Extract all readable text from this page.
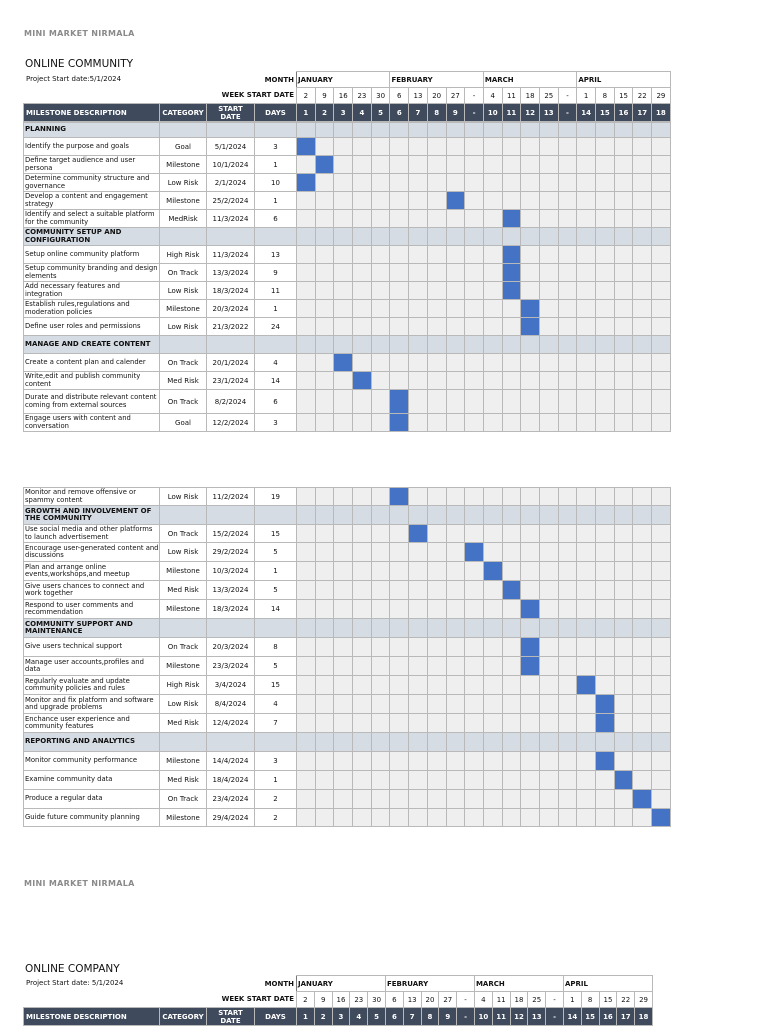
MINI MARKET NIRMALA
ONLINE COMMUNITY
Project Start date:5/1/2024
				MONTH	JANUARY					FEBRUARY					MARCH					APRIL				
		WEEK START DATE		2	9	16	23	30	6	13	20	27	-	4	11	18	25	-	1	8	15	22	29
MILESTONE DESCRIPTION	CATEGORY	START DATE	DAYS	1	2	3	4	5	6	7	8	9	-	10	11	12	13	-	14	15	16	17	18
PLANNING																							
Identify the purpose and goals	Goal	5/1/2024	3																				
Define target audience and user persona	Milestone	10/1/2024	1																				
Determine community structure and governance	Low Risk	2/1/2024	10																				
Develop a content and engagement strategy	Milestone	25/2/2024	1																				
Identify and select a suitable platform for the community	MedRisk	11/3/2024	6																				
COMMUNITY SETUP AND CONFIGURATION																							
Setup online community platform	High Risk	11/3/2024	13																				
Setup community branding and design elements	On Track	13/3/2024	9																				
Add necessary features and integration	Low Risk	18/3/2024	11																				
Establish rules,regulations and moderation policies	Milestone	20/3/2024	1																				
Define user roles and permissions	Low Risk	21/3/2022	24																				
MANAGE AND CREATE CONTENT																							
Create a content plan and calender	On Track	20/1/2024	4																				
Write,edit and publish community content	Med Risk	23/1/2024	14																				
Durate and distribute relevant content coming from external sources	On Track	8/2/2024	6																				
Engage users with content and conversation	Goal	12/2/2024	3																				
Monitor and remove offensive or spammy content	Low Risk	11/2/2024	19																				
GROWTH AND INVOLVEMENT OF THE COMMUNITY																							
Use social media and other platforms to launch advertisement	On Track	15/2/2024	15																				
Encourage user-generated content and discussions	Low Risk	29/2/2024	5																				
Plan and arrange online events,workshops,and meetup	Milestone	10/3/2024	1																				
Give users chances to connect and work together	Med Risk	13/3/2024	5																				
Respond to user comments and recommendation	Milestone	18/3/2024	14																				
COMMUNITY SUPPORT AND MAINTENANCE																							
Give users technical support	On Track	20/3/2024	8																				
Manage user accounts,profiles and data	Milestone	23/3/2024	5																				
Regularly evaluate and update community policies and rules	High Risk	3/4/2024	15																				
Monitor and fix platform and software and upgrade problems	Low Risk	8/4/2024	4																				
Enchance user experience and community features	Med Risk	12/4/2024	7																				
REPORTING AND ANALYTICS																							
Monitor community performance	Milestone	14/4/2024	3																				
Examine community data	Med Risk	18/4/2024	1																				
Produce a regular data	On Track	23/4/2024	2																				
Guide future community planning	Milestone	29/4/2024	2																				
MINI MARKET NIRMALA
ONLINE COMPANY
Project Start date: 5/1/2024
				MONTH	JANUARY					FEBRUARY					MARCH					APRIL				
		WEEK START DATE		2	9	16	23	30	6	13	20	27	-	4	11	18	25	-	1	8	15	22	29
MILESTONE DESCRIPTION	CATEGORY	START DATE	DAYS	1	2	3	4	5	6	7	8	9	-	10	11	12	13	-	14	15	16	17	18
